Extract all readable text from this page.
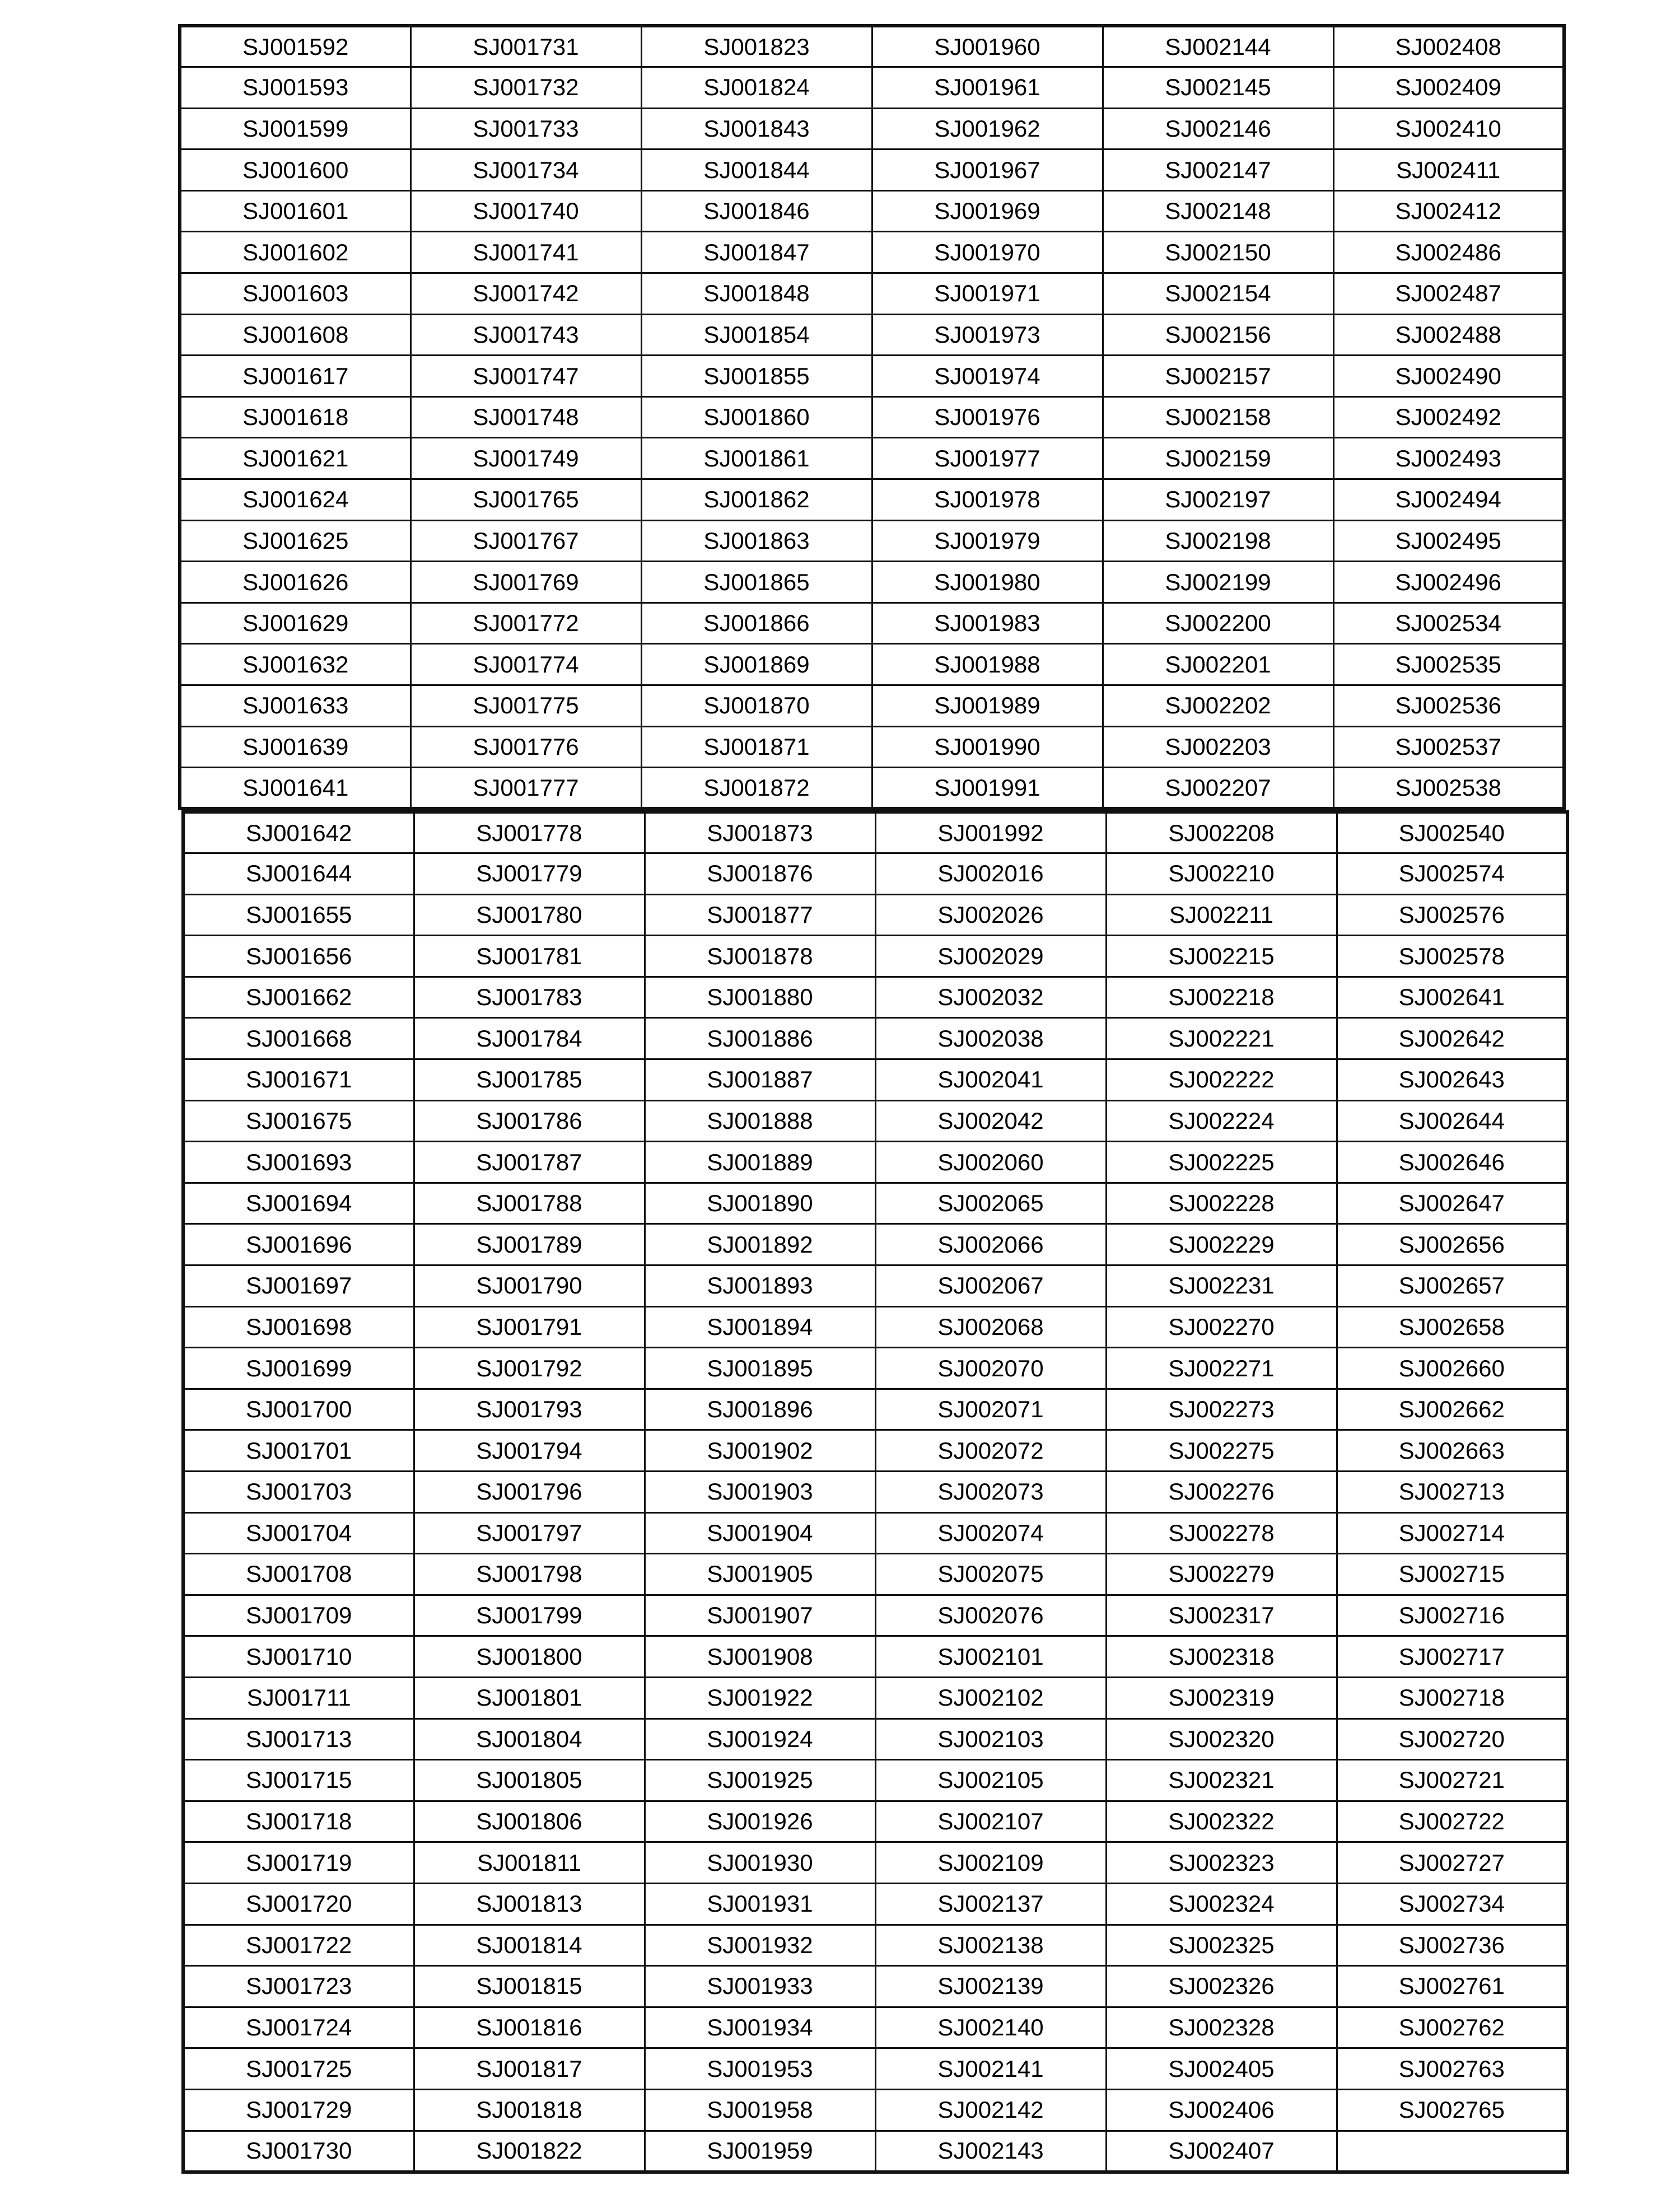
SJ001592	SJ001731	SJ001823	SJ001960	SJ002144	SJ002408
SJ001593	SJ001732	SJ001824	SJ001961	SJ002145	SJ002409
SJ001599	SJ001733	SJ001843	SJ001962	SJ002146	SJ002410
SJ001600	SJ001734	SJ001844	SJ001967	SJ002147	SJ002411
SJ001601	SJ001740	SJ001846	SJ001969	SJ002148	SJ002412
SJ001602	SJ001741	SJ001847	SJ001970	SJ002150	SJ002486
SJ001603	SJ001742	SJ001848	SJ001971	SJ002154	SJ002487
SJ001608	SJ001743	SJ001854	SJ001973	SJ002156	SJ002488
SJ001617	SJ001747	SJ001855	SJ001974	SJ002157	SJ002490
SJ001618	SJ001748	SJ001860	SJ001976	SJ002158	SJ002492
SJ001621	SJ001749	SJ001861	SJ001977	SJ002159	SJ002493
SJ001624	SJ001765	SJ001862	SJ001978	SJ002197	SJ002494
SJ001625	SJ001767	SJ001863	SJ001979	SJ002198	SJ002495
SJ001626	SJ001769	SJ001865	SJ001980	SJ002199	SJ002496
SJ001629	SJ001772	SJ001866	SJ001983	SJ002200	SJ002534
SJ001632	SJ001774	SJ001869	SJ001988	SJ002201	SJ002535
SJ001633	SJ001775	SJ001870	SJ001989	SJ002202	SJ002536
SJ001639	SJ001776	SJ001871	SJ001990	SJ002203	SJ002537
SJ001641	SJ001777	SJ001872	SJ001991	SJ002207	SJ002538
SJ001642	SJ001778	SJ001873	SJ001992	SJ002208	SJ002540
SJ001644	SJ001779	SJ001876	SJ002016	SJ002210	SJ002574
SJ001655	SJ001780	SJ001877	SJ002026	SJ002211	SJ002576
SJ001656	SJ001781	SJ001878	SJ002029	SJ002215	SJ002578
SJ001662	SJ001783	SJ001880	SJ002032	SJ002218	SJ002641
SJ001668	SJ001784	SJ001886	SJ002038	SJ002221	SJ002642
SJ001671	SJ001785	SJ001887	SJ002041	SJ002222	SJ002643
SJ001675	SJ001786	SJ001888	SJ002042	SJ002224	SJ002644
SJ001693	SJ001787	SJ001889	SJ002060	SJ002225	SJ002646
SJ001694	SJ001788	SJ001890	SJ002065	SJ002228	SJ002647
SJ001696	SJ001789	SJ001892	SJ002066	SJ002229	SJ002656
SJ001697	SJ001790	SJ001893	SJ002067	SJ002231	SJ002657
SJ001698	SJ001791	SJ001894	SJ002068	SJ002270	SJ002658
SJ001699	SJ001792	SJ001895	SJ002070	SJ002271	SJ002660
SJ001700	SJ001793	SJ001896	SJ002071	SJ002273	SJ002662
SJ001701	SJ001794	SJ001902	SJ002072	SJ002275	SJ002663
SJ001703	SJ001796	SJ001903	SJ002073	SJ002276	SJ002713
SJ001704	SJ001797	SJ001904	SJ002074	SJ002278	SJ002714
SJ001708	SJ001798	SJ001905	SJ002075	SJ002279	SJ002715
SJ001709	SJ001799	SJ001907	SJ002076	SJ002317	SJ002716
SJ001710	SJ001800	SJ001908	SJ002101	SJ002318	SJ002717
SJ001711	SJ001801	SJ001922	SJ002102	SJ002319	SJ002718
SJ001713	SJ001804	SJ001924	SJ002103	SJ002320	SJ002720
SJ001715	SJ001805	SJ001925	SJ002105	SJ002321	SJ002721
SJ001718	SJ001806	SJ001926	SJ002107	SJ002322	SJ002722
SJ001719	SJ001811	SJ001930	SJ002109	SJ002323	SJ002727
SJ001720	SJ001813	SJ001931	SJ002137	SJ002324	SJ002734
SJ001722	SJ001814	SJ001932	SJ002138	SJ002325	SJ002736
SJ001723	SJ001815	SJ001933	SJ002139	SJ002326	SJ002761
SJ001724	SJ001816	SJ001934	SJ002140	SJ002328	SJ002762
SJ001725	SJ001817	SJ001953	SJ002141	SJ002405	SJ002763
SJ001729	SJ001818	SJ001958	SJ002142	SJ002406	SJ002765
SJ001730	SJ001822	SJ001959	SJ002143	SJ002407	
